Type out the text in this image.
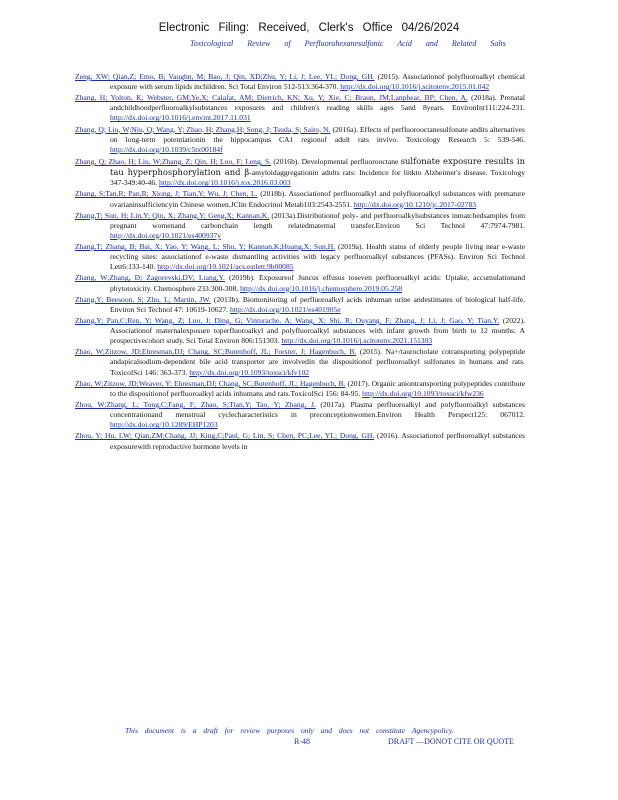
Electronic Filing: Received, Clerk's Office 04/26/2024
Toxicological Review of Perfluorohexanesulfonic Acid and Related Salts
Zeng, XW; Qian,Z; Emo, B; Vaughn, M; Bao, J; Qin, XD;Zhu, Y; Li, J; Lee, YL; Dong, GH. (2015). Associationof polyfluoroalkyl chemical exposure with serum lipids inchildren. Sci Total Environ 512-513:364-370. http://dx.doi.org/10.1016/j.scitotenv.2015.01.042
Zhang, H; Yolton, K; Webster, GM;Ye,X; Calafat, AM; Dietrich, KN; Xu, Y; Xie, C; Braun, JM;Lanphear, BP; Chen, A. (2018a). Prenatal andchildhoodperfluoroalkylsubstances exposures and children's reading skills ages 5and 8years. EnvironInt111:224-231. http://dx.doi.org/10.1016/j.envint.2017.11.031
Zhang, Q; Liu, W;Niu, Q; Wang, Y; Zhao, H; Zhang,H; Song, J; Tsuda, S; Saito, N. (2016a). Effects of perfluorooctanesulfonate andits alternatives on long-term potentiationin the hippocampus CA1 regionof adult rats invivo. Toxicology Research 5: 539-546. http://dx.doi.org/10.1039/c5tx00184f
Zhang, Q; Zhao, H; Liu, W;Zhang, Z; Qin, H; Luo, F; Leng, S. (2016b). Developmental perfluorooctane sulfonate exposure results in tau hyperphosphorylation and β-amyloidaggregationin adults rats: Incidence for linkto Alzheimer's disease. Toxicology 347-349:40-46. http://dx.doi.org/10.1016/j.tox.2016.03.003
Zhang, S;Tan,R; Pan,R; Xiong, J; Tian,Y; Wu, J; Chen, L. (2018b). Associationof perfluoroalkyl and polyfluoroalkyl substances with premature ovarianinsufficiencyin Chinese women.JClin Endocrinol Metab103:2543-2551. http://dx.doi.org/10.1210/jc.2017-02783
Zhang,T; Sun, H; Lin,Y; Qin, X; Zhang,Y; Geng,X; Kannan,K. (2013a).Distributionof poly- and perfluoroalkylsubstances inmatchedsamples from pregnant womenand carbonchain length relatedmaternal transfer.Environ Sci Technol 47:7974-7981. http://dx.doi.org/10.1021/es400937y
Zhang,T; Zhang, B; Bai, X; Yao, Y; Wang, L; Shu, Y; Kannan,K;Huang,X; Sun,H. (2019a). Health status of elderly people living near e-waste recycling sites: associationof e-waste dismantling activities with legacy perfluoroalkyl substances (PFASs). Environ Sci Technol Lett6:133-140. http://dx.doi.org/10.1021/acs.estlett.9b00085
Zhang, W;Zhang, D; Zagorevski,DV; Liang,Y. (2019b). Exposureof Juncus effusus toseven perfluoroalkyl acids: Uptake, accumulationand phytotoxicity. Chemosphere 233:300-308. http://dx.doi.org/10.1016/j.chemosphere.2019.05.258
Zhang,Y; Beesoon, S; Zhu, L; Martin, JW. (2013b). Biomonitoring of perfluoroalkyl acids inhuman urine andestimates of biological half-life. Environ Sci Technol 47: 10619-10627. http://dx.doi.org/10.1021/es401905e
Zhang,Y; Pan,C;Ren, Y; Wang, Z; Luo, J; Ding, G; Vinturache, A; Wang, X; Shi, R; Ouyang, F; Zhang, J; Li, J; Gao, Y; Tian,Y. (2022). Associationof maternalexposure toperfluoroalkyl and polyfluoroalkyl substances with infant growth from birth to 12 months: A prospectivecohort study. Sci Total Environ 806:151303. http://dx.doi.org/10.1016/j.scitotenv.2021.151303
Zhao, W;Zitzow, JD;Ehresman,DJ; Chang, SC;Butenhoff, JL; Forster, J; Hagenbuch, B. (2015). Na+/taurocholate cotransporting polypeptide andapicalsodium-dependent bile acid transporter are involvedin the dispositionof perfluoroalkyl sulfonates in humans and rats. ToxicolSci 146: 363-373. http://dx.doi.org/10.1093/toxsci/kfv102
Zhao, W;Zitzow, JD;Weaver, Y; Ehresman,DJ; Chang, SC;Butenhoff, JL; Hagenbuch, B. (2017). Organic aniontransporting polypeptides contribute to the dispositionof perfluoroalkyl acids inhumans and rats.ToxicolSci 156: 84-95. http://dx.doi.org/10.1093/toxsci/kfw236
Zhou, W;Zhang, L; Tong,C;Fang, F; Zhao, S;Tian,Y; Tao, Y; Zhang, J. (2017a). Plasma perfluoroalkyl and polyfluoroalkyl substances concentrationand menstrual cyclecharacteristics in preconceptionwomen.Environ Health Perspect125: 067012. http://dx.doi.org/10.1289/EHP1203
Zhou, Y; Hu, LW; Qian,ZM;Chang, JJ; King,C;Paul, G; Lin, S; Chen, PC;Lee, YL; Dong, GH. (2016). Associationof perfluoroalkyl substances exposurewith reproductive hormone levels in
This document is a draft for review purposes only and does not constitute Agencypolicy.
R-48	DRAFT —DONOT CITE OR QUOTE
